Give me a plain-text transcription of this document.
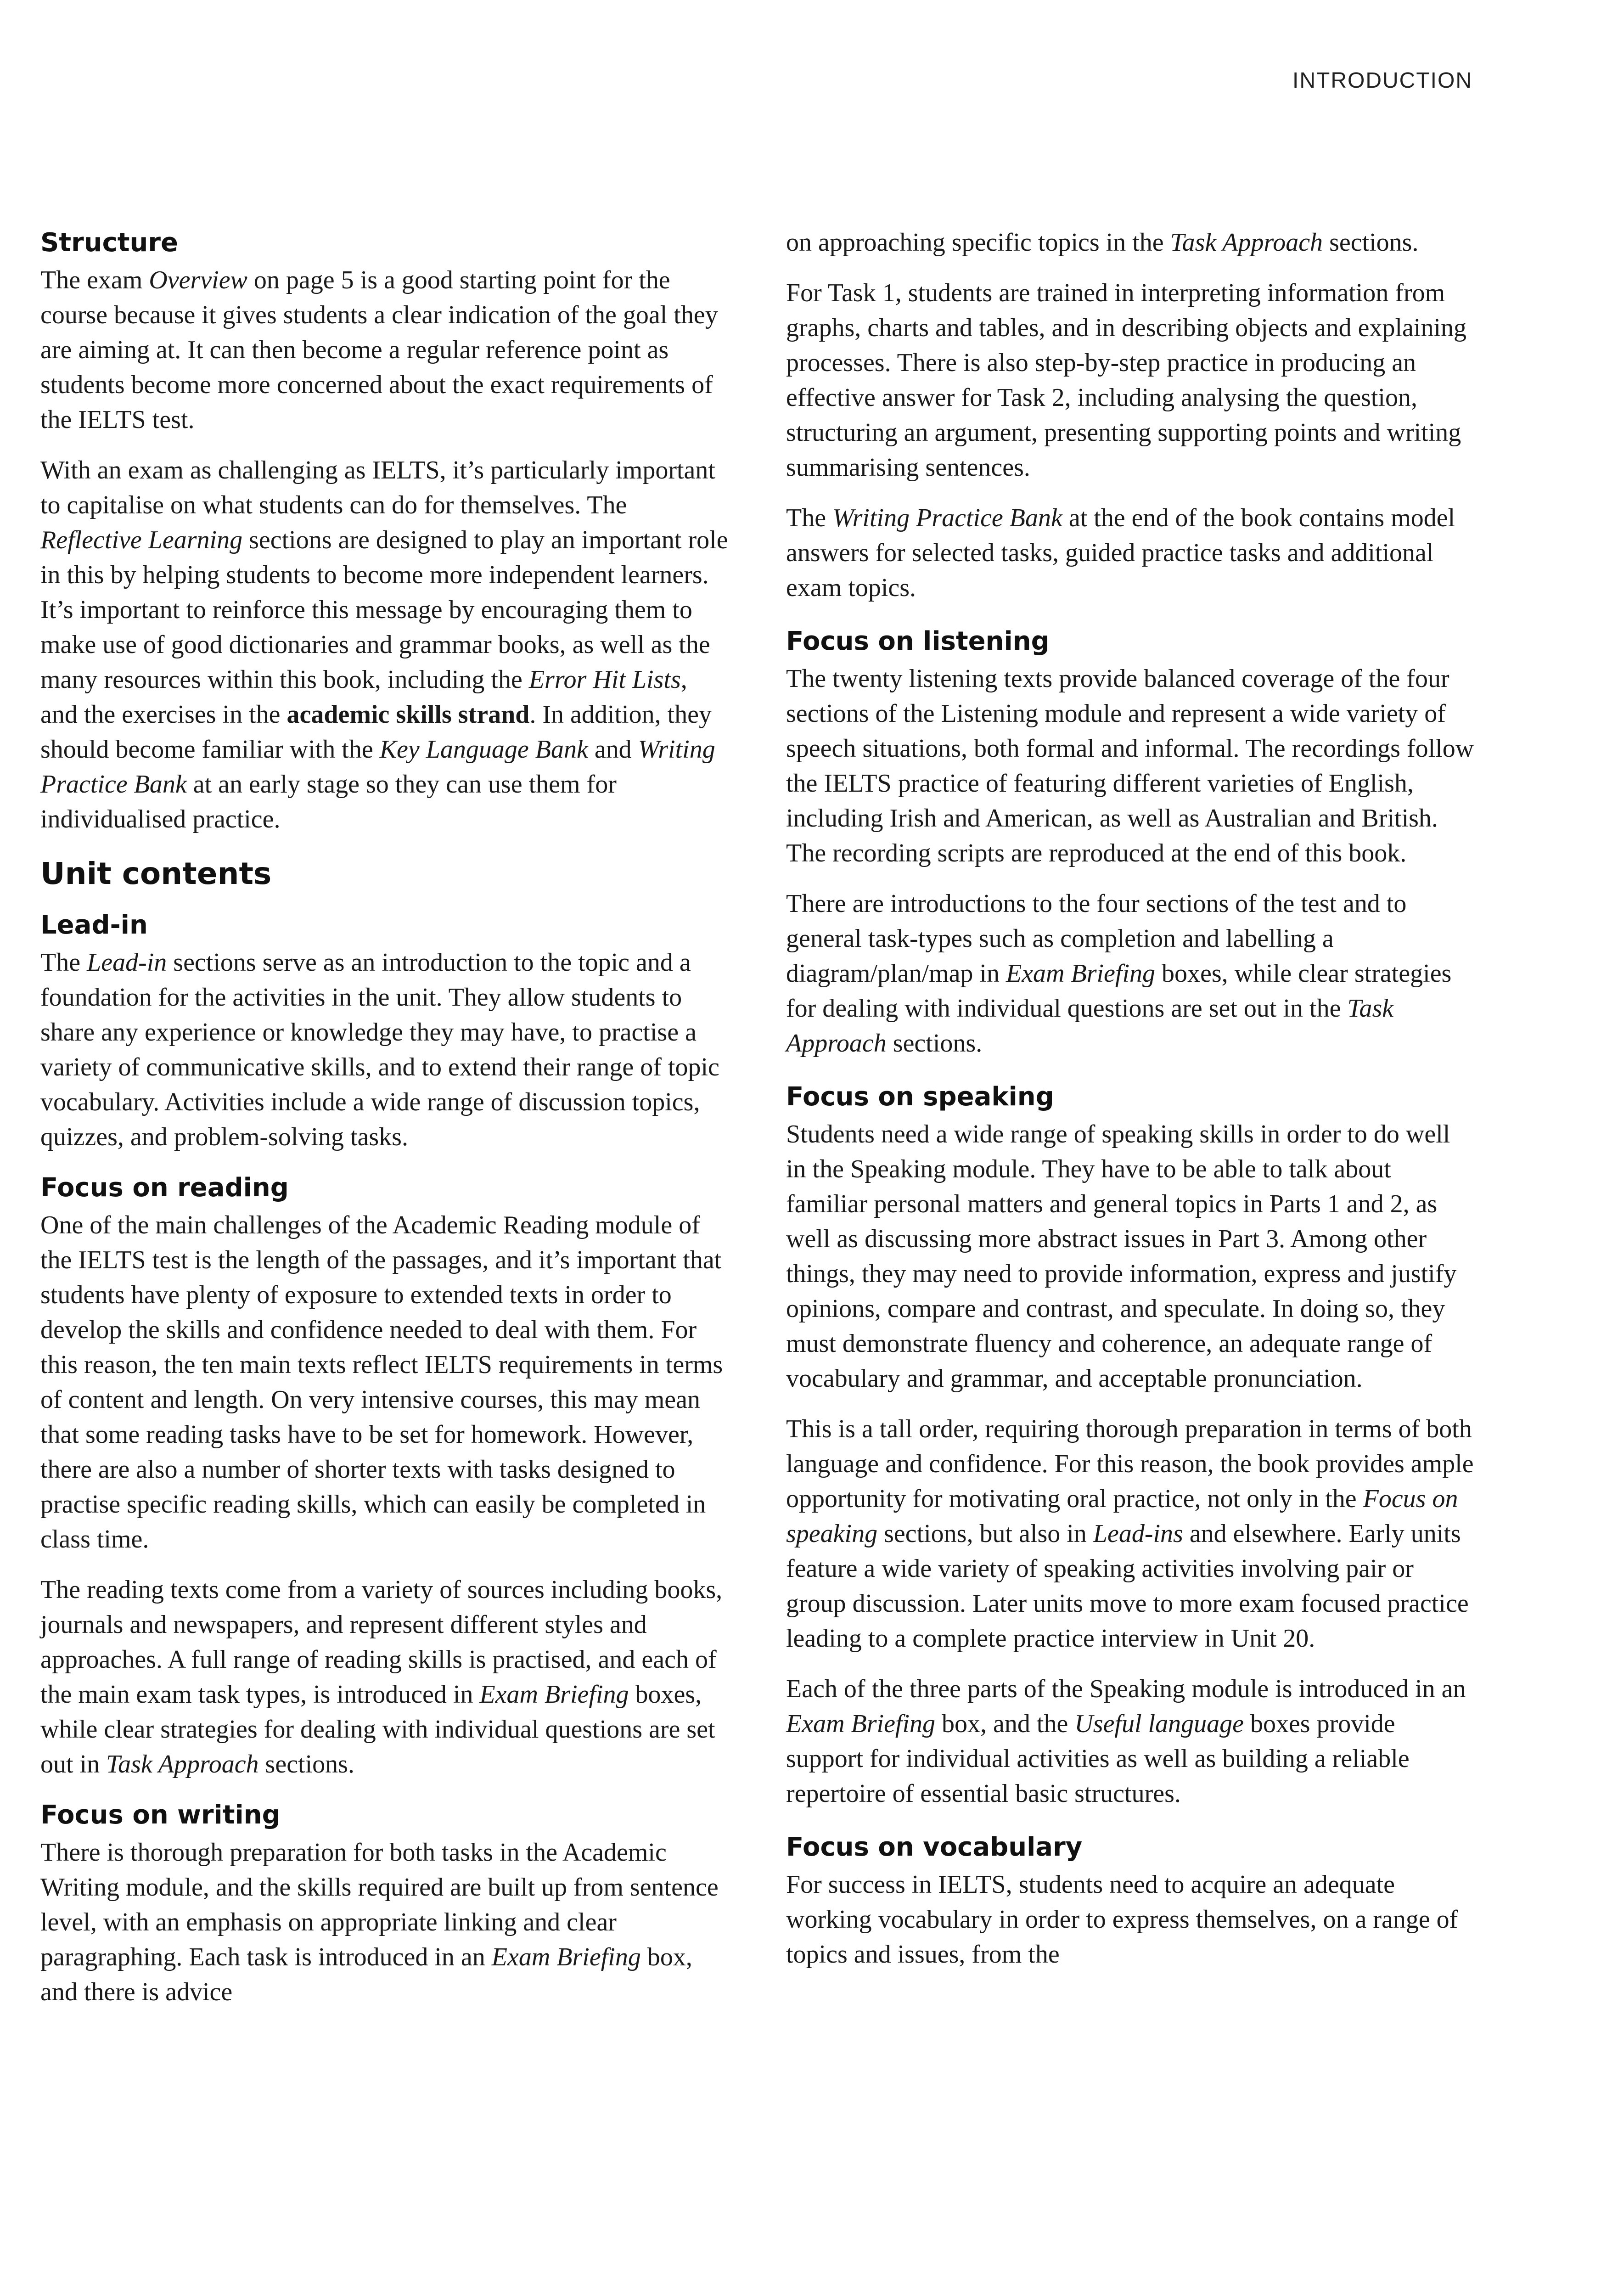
INTRODUCTION
Structure

The exam Overview on page 5 is a good starting point for the course because it gives students a clear indication of the goal they are aiming at. It can then become a regular reference point as students become more concerned about the exact requirements of the IELTS test.

With an exam as challenging as IELTS, it’s particularly important to capitalise on what students can do for themselves. The Reflective Learning sections are designed to play an important role in this by helping students to become more independent learners. It’s important to reinforce this message by encouraging them to make use of good dictionaries and grammar books, as well as the many resources within this book, including the Error Hit Lists, and the exercises in the academic skills strand. In addition, they should become familiar with the Key Language Bank and Writing Practice Bank at an early stage so they can use them for individualised practice.

Unit contents
Lead-in

The Lead-in sections serve as an introduction to the topic and a foundation for the activities in the unit. They allow students to share any experience or knowledge they may have, to practise a variety of communicative skills, and to extend their range of topic vocabulary. Activities include a wide range of discussion topics, quizzes, and problem-solving tasks.

Focus on reading

One of the main challenges of the Academic Reading module of the IELTS test is the length of the passages, and it’s important that students have plenty of exposure to extended texts in order to develop the skills and confidence needed to deal with them. For this reason, the ten main texts reflect IELTS requirements in terms of content and length. On very intensive courses, this may mean that some reading tasks have to be set for homework. However, there are also a number of shorter texts with tasks designed to practise specific reading skills, which can easily be completed in class time.

The reading texts come from a variety of sources including books, journals and newspapers, and represent different styles and approaches. A full range of reading skills is practised, and each of the main exam task types, is introduced in Exam Briefing boxes, while clear strategies for dealing with individual questions are set out in Task Approach sections.

Focus on writing

There is thorough preparation for both tasks in the Academic Writing module, and the skills required are built up from sentence level, with an emphasis on appropriate linking and clear paragraphing. Each task is introduced in an Exam Briefing box, and there is advice

on approaching specific topics in the Task Approach sections.

For Task 1, students are trained in interpreting information from graphs, charts and tables, and in describing objects and explaining processes. There is also step-by-step practice in producing an effective answer for Task 2, including analysing the question, structuring an argument, presenting supporting points and writing summarising sentences.

The Writing Practice Bank at the end of the book contains model answers for selected tasks, guided practice tasks and additional exam topics.

Focus on listening

The twenty listening texts provide balanced coverage of the four sections of the Listening module and represent a wide variety of speech situations, both formal and informal. The recordings follow the IELTS practice of featuring different varieties of English, including Irish and American, as well as Australian and British. The recording scripts are reproduced at the end of this book.

There are introductions to the four sections of the test and to general task-types such as completion and labelling a diagram/plan/map in Exam Briefing boxes, while clear strategies for dealing with individual questions are set out in the Task Approach sections.

Focus on speaking

Students need a wide range of speaking skills in order to do well in the Speaking module. They have to be able to talk about familiar personal matters and general topics in Parts 1 and 2, as well as discussing more abstract issues in Part 3. Among other things, they may need to provide information, express and justify opinions, compare and contrast, and speculate. In doing so, they must demonstrate fluency and coherence, an adequate range of vocabulary and grammar, and acceptable pronunciation.

This is a tall order, requiring thorough preparation in terms of both language and confidence. For this reason, the book provides ample opportunity for motivating oral practice, not only in the Focus on speaking sections, but also in Lead-ins and elsewhere. Early units feature a wide variety of speaking activities involving pair or group discussion. Later units move to more exam focused practice leading to a complete practice interview in Unit 20.

Each of the three parts of the Speaking module is introduced in an Exam Briefing box, and the Useful language boxes provide support for individual activities as well as building a reliable repertoire of essential basic structures.

Focus on vocabulary

For success in IELTS, students need to acquire an adequate working vocabulary in order to express themselves, on a range of topics and issues, from the
